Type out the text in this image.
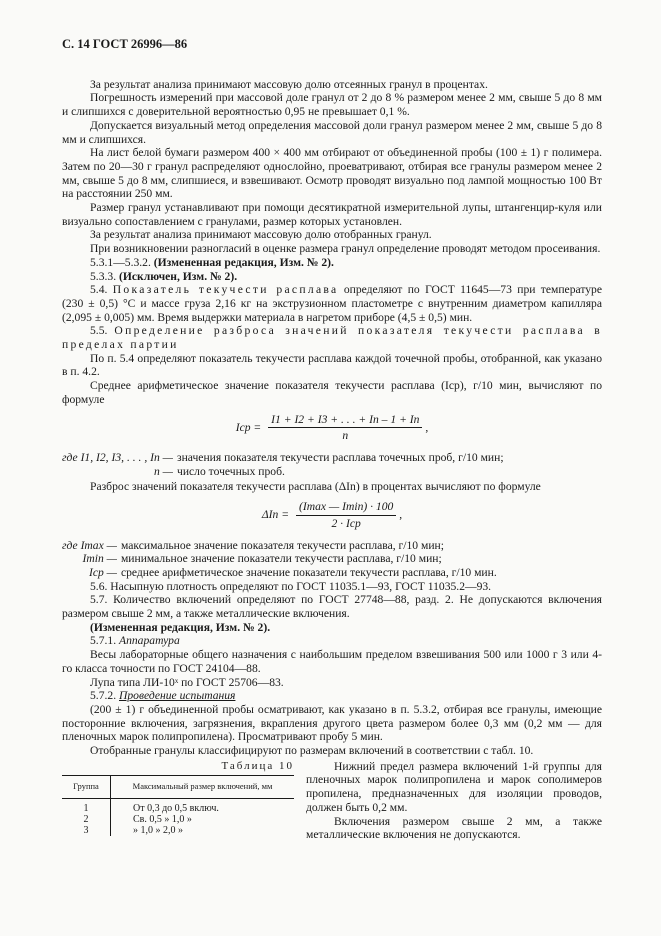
С. 14 ГОСТ 26996—86

За результат анализа принимают массовую долю отсеянных гранул в процентах.

Погрешность измерений при массовой доле гранул от 2 до 8 % размером менее 2 мм, свыше 5 до 8 мм и слипшихся с доверительной вероятностью 0,95 не превышает 0,1 %.

Допускается визуальный метод определения массовой доли гранул размером менее 2 мм, свыше 5 до 8 мм и слипшихся.

На лист белой бумаги размером 400 × 400 мм отбирают от объединенной пробы (100 ± 1) г полимера. Затем по 20—30 г гранул распределяют однослойно, проеватривают, отбирая все гранулы размером менее 2 мм, свыше 5 до 8 мм, слипшиеся, и взвешивают. Осмотр проводят визуально под лампой мощностью 100 Вт на расстоянии 250 мм.

Размер гранул устанавливают при помощи десятикратной измерительной лупы, штангенцир-куля или визуально сопоставлением с гранулами, размер которых установлен.

За результат анализа принимают массовую долю отобранных гранул.

При возникновении разногласий в оценке размера гранул определение проводят методом просеивания.

5.3.1—5.3.2. (Измененная редакция, Изм. № 2).

5.3.3. (Исключен, Изм. № 2).

5.4. Показатель текучести расплава определяют по ГОСТ 11645—73 при температуре (230 ± 0,5) °С и массе груза 2,16 кг на экструзионном пластометре с внутренним диаметром капилляра (2,095 ± 0,005) мм. Время выдержки материала в нагретом приборе (4,5 ± 0,5) мин.

5.5. Определение разброса значений показателя текучести расплава в пределах партии

По п. 5.4 определяют показатель текучести расплава каждой точечной пробы, отобранной, как указано в п. 4.2.

Среднее арифметическое значение показателя текучести расплава (Iср), г/10 мин, вычисляют по формуле

Iср = $\frac{I1 + I2 + I3 + . . . + In - 1 + In}{n}$ ,
где I1, I2, I3, . . . , In — значения показателя текучести расплава точечных проб, г/10 мин;
n — число точечных проб.

Разброс значений показателя текучести расплава (ΔIn) в процентах вычисляют по формуле

$\Delta In = \frac{(Imax — Imin) \cdot 100}{\text{2 · Iср}}$ ,
где Imax — максимальное значение показателя текучести расплава, г/10 мин;
Imin — минимальное значение показатели текучести расплава, г/10 мин;
Iср — среднее арифметическое значение показатели текучести расплава, г/10 мин.

5.6. Насыпную плотность определяют по ГОСТ 11035.1—93, ГОСТ 11035.2—93.

5.7. Количество включений определяют по ГОСТ 27748—88, разд. 2. Не допускаются включения размером свыше 2 мм, а также металлические включения.

(Измененная редакция, Изм. № 2).

5.7.1. Аппаратура

Весы лабораторные общего назначения с наибольшим пределом взвешивания 500 или 1000 г 3 или 4-го класса точности по ГОСТ 24104—88.

Лупа типа ЛИ-10ˣ по ГОСТ 25706—83.

5.7.2. Проведение испытания

(200 ± 1) г объединенной пробы осматривают, как указано в п. 5.3.2, отбирая все гранулы, имеющие посторонние включения, загрязнения, вкрапления другого цвета размером более 0,3 мм (0,2 мм — для пленочных марок полипропилена). Просматривают пробу 5 мин.

Отобранные гранулы классифицируют по размерам включений в соответствии с табл. 10.

Таблица 10
Группа	Максимальный размер включений, мм
1	От 0,3 до 0,5 включ.
2	Св. 0,5 » 1,0 »
3	» 1,0 » 2,0 »

Нижний предел размера включений 1-й группы для пленочных марок полипропилена и марок сополимеров пропилена, предназначенных для изоляции проводов, должен быть 0,2 мм.

Включения размером свыше 2 мм, а также металлические включения не допускаются.
